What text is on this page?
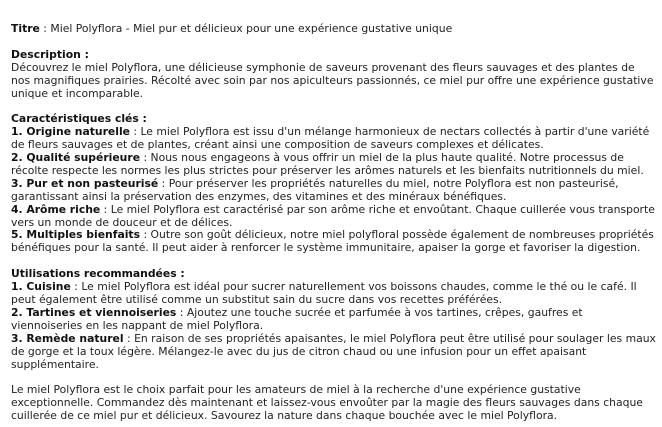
Titre : Miel Polyflora - Miel pur et délicieux pour une expérience gustative unique

Description :

Découvrez le miel Polyflora, une délicieuse symphonie de saveurs provenant des fleurs sauvages et des plantes de nos magnifiques prairies. Récolté avec soin par nos apiculteurs passionnés, ce miel pur offre une expérience gustative unique et incomparable.

Caractéristiques clés :

1. Origine naturelle : Le miel Polyflora est issu d'un mélange harmonieux de nectars collectés à partir d'une variété de fleurs sauvages et de plantes, créant ainsi une composition de saveurs complexes et délicates.

2. Qualité supérieure : Nous nous engageons à vous offrir un miel de la plus haute qualité. Notre processus de récolte respecte les normes les plus strictes pour préserver les arômes naturels et les bienfaits nutritionnels du miel.

3. Pur et non pasteurisé : Pour préserver les propriétés naturelles du miel, notre Polyflora est non pasteurisé, garantissant ainsi la préservation des enzymes, des vitamines et des minéraux bénéfiques.

4. Arôme riche : Le miel Polyflora est caractérisé par son arôme riche et envoûtant. Chaque cuillerée vous transporte vers un monde de douceur et de délices.

5. Multiples bienfaits : Outre son goût délicieux, notre miel polyfloral possède également de nombreuses propriétés bénéfiques pour la santé. Il peut aider à renforcer le système immunitaire, apaiser la gorge et favoriser la digestion.

Utilisations recommandées :

1. Cuisine : Le miel Polyflora est idéal pour sucrer naturellement vos boissons chaudes, comme le thé ou le café. Il peut également être utilisé comme un substitut sain du sucre dans vos recettes préférées.

2. Tartines et viennoiseries : Ajoutez une touche sucrée et parfumée à vos tartines, crêpes, gaufres et viennoiseries en les nappant de miel Polyflora.

3. Remède naturel : En raison de ses propriétés apaisantes, le miel Polyflora peut être utilisé pour soulager les maux de gorge et la toux légère. Mélangez-le avec du jus de citron chaud ou une infusion pour un effet apaisant supplémentaire.

Le miel Polyflora est le choix parfait pour les amateurs de miel à la recherche d'une expérience gustative exceptionnelle. Commandez dès maintenant et laissez-vous envoûter par la magie des fleurs sauvages dans chaque cuillerée de ce miel pur et délicieux. Savourez la nature dans chaque bouchée avec le miel Polyflora.
